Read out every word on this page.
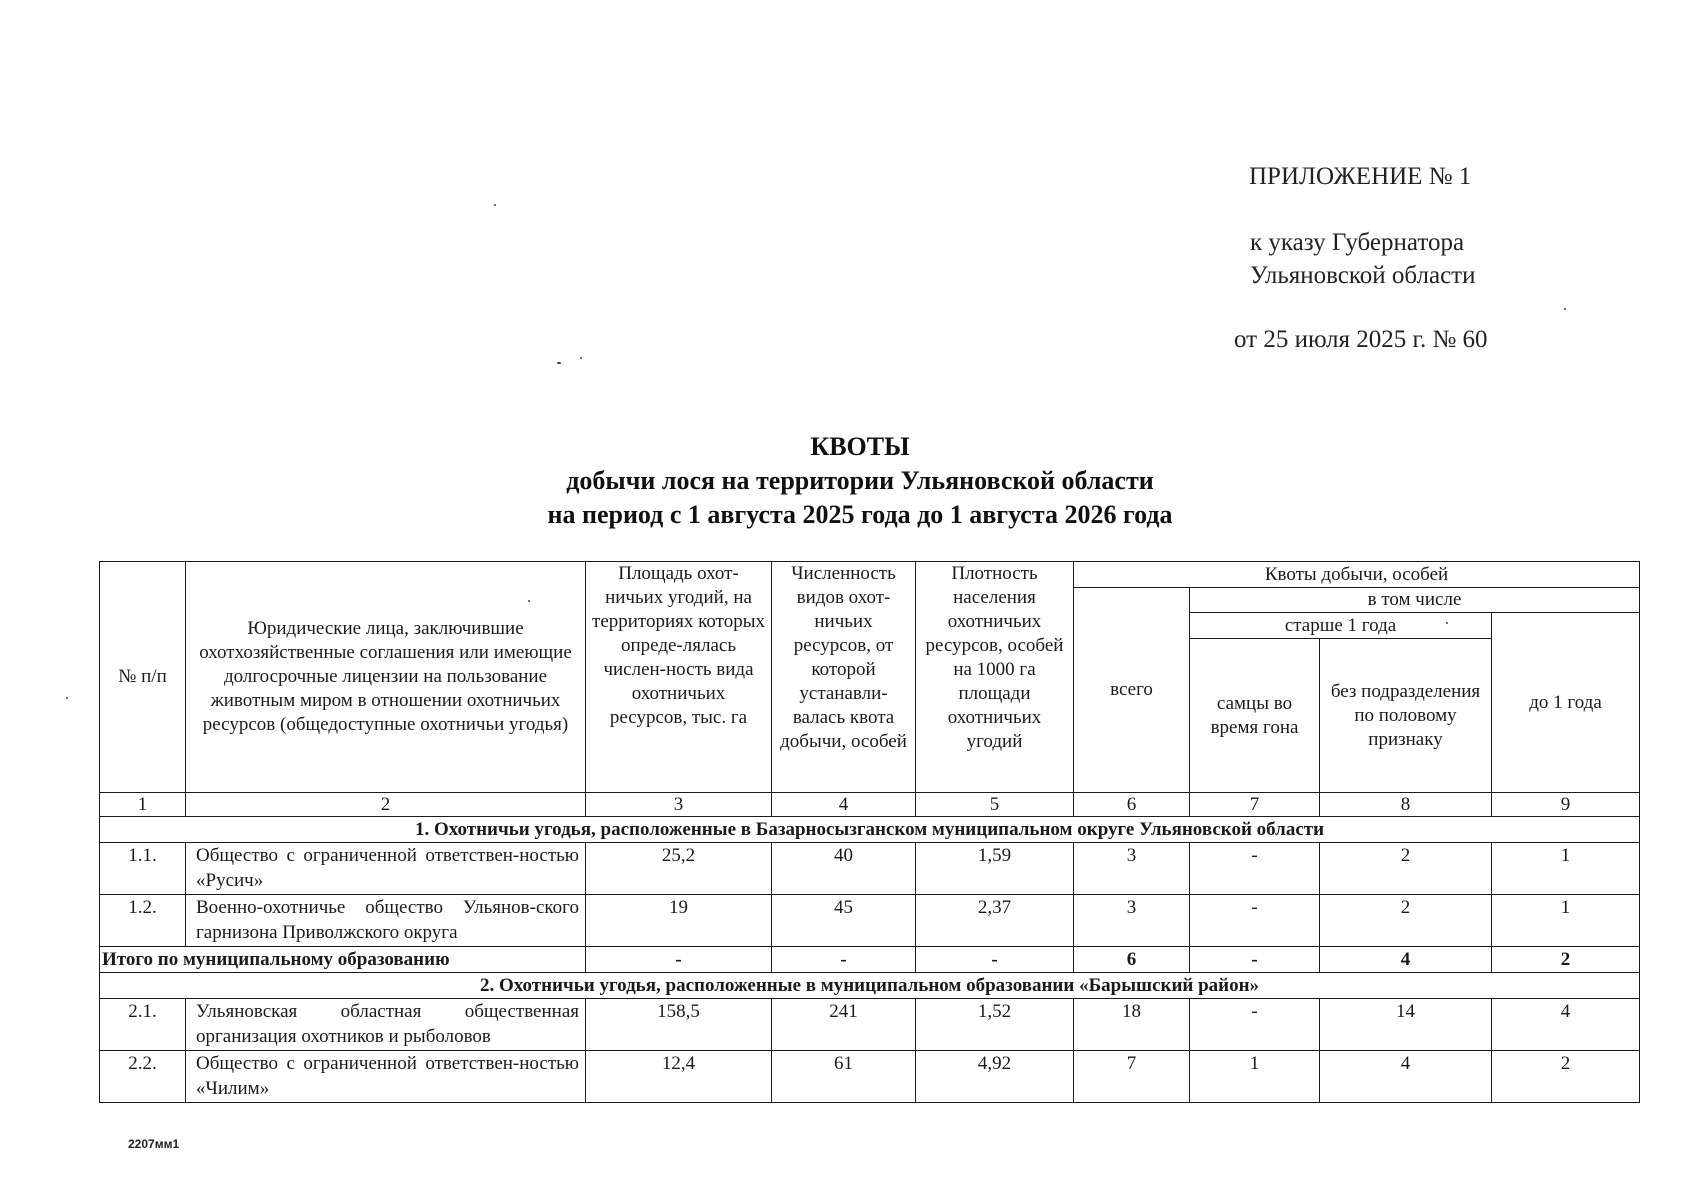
ПРИЛОЖЕНИЕ № 1
к указу Губернатора
Ульяновской области
от 25 июля 2025 г. № 60
КВОТЫ
добычи лося на территории Ульяновской области
на период с 1 августа 2025 года до 1 августа 2026 года
№ п/п	Юридические лица, заключившие охотхозяйственные соглашения или имеющие долгосрочные лицензии на пользование животным миром в отношении охотничьих ресурсов (общедоступные охотничьи угодья)	Площадь охот-ничьих угодий, на территориях которых опреде-лялась числен-ность вида охотничьих ресурсов, тыс. га	Численность видов охот-ничьих ресурсов, от которой устанавли-валась квота добычи, особей	Плотность населения охотничьих ресурсов, особей на 1000 га площади охотничьих угодий	Квоты добычи, особей			
					всего	в том числе		
						старше 1 года		до 1 года
						самцы во время гона	без подразделения по половому признаку	
1	2	3	4	5	6	7	8	9
1. Охотничьи угодья, расположенные в Базарносызганском муниципальном округе Ульяновской области								
1.1.	Общество с ограниченной ответствен-ностью «Русич»	25,2	40	1,59	3	-	2	1
1.2.	Военно-охотничье общество Ульянов-ского гарнизона Приволжского округа	19	45	2,37	3	-	2	1
Итого по муниципальному образованию		-	-	-	6	-	4	2
2. Охотничьи угодья, расположенные в муниципальном образовании «Барышский район»								
2.1.	Ульяновская областная общественная организация охотников и рыболовов	158,5	241	1,52	18	-	14	4
2.2.	Общество с ограниченной ответствен-ностью «Чилим»	12,4	61	4,92	7	1	4	2
2207мм1
